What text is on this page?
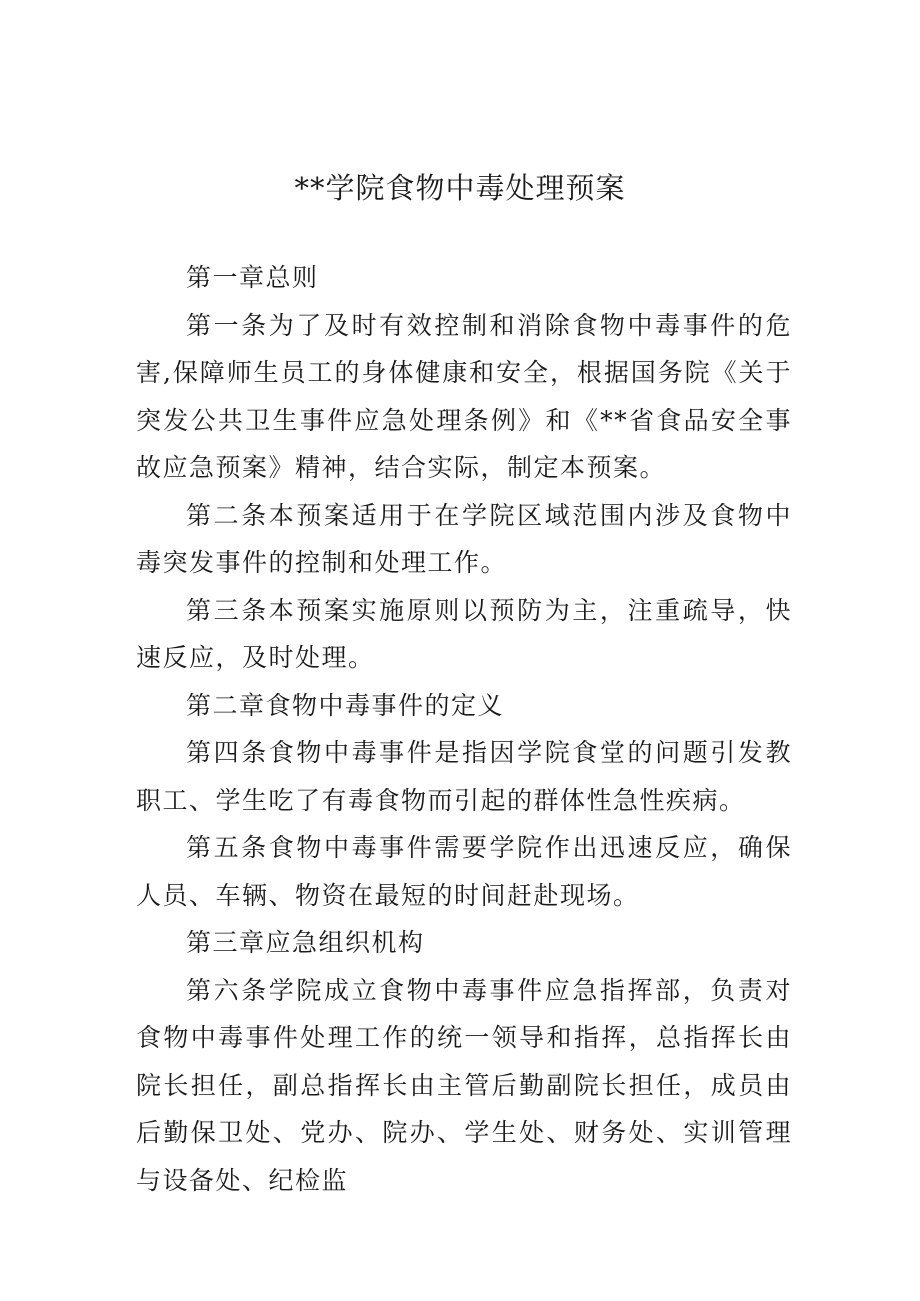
**学院食物中毒处理预案

第一章总则

第一条为了及时有效控制和消除食物中毒事件的危害,保障师生员工的身体健康和安全，根据国务院《关于突发公共卫生事件应急处理条例》和《**省食品安全事故应急预案》精神，结合实际，制定本预案。

第二条本预案适用于在学院区域范围内涉及食物中毒突发事件的控制和处理工作。

第三条本预案实施原则以预防为主，注重疏导，快速反应，及时处理。

第二章食物中毒事件的定义

第四条食物中毒事件是指因学院食堂的问题引发教职工、学生吃了有毒食物而引起的群体性急性疾病。

第五条食物中毒事件需要学院作出迅速反应，确保人员、车辆、物资在最短的时间赶赴现场。

第三章应急组织机构

第六条学院成立食物中毒事件应急指挥部，负责对食物中毒事件处理工作的统一领导和指挥，总指挥长由院长担任，副总指挥长由主管后勤副院长担任，成员由后勤保卫处、党办、院办、学生处、财务处、实训管理与设备处、纪检监
